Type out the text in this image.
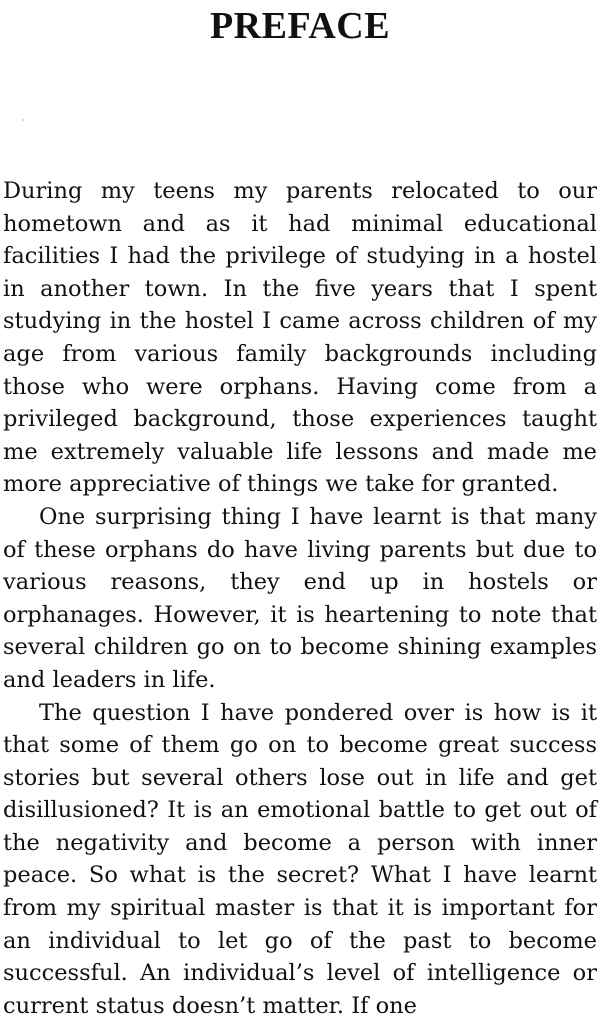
PREFACE

During my teens my parents relocated to our hometown and as it had minimal educational facilities I had the privilege of studying in a hostel in another town. In the five years that I spent studying in the hostel I came across children of my age from various family backgrounds including those who were orphans. Having come from a privileged background, those experiences taught me extremely valuable life lessons and made me more appreciative of things we take for granted.

One surprising thing I have learnt is that many of these orphans do have living parents but due to various reasons, they end up in hostels or orphanages. However, it is heartening to note that several children go on to become shining examples and leaders in life.

The question I have pondered over is how is it that some of them go on to become great success stories but several others lose out in life and get disillusioned? It is an emotional battle to get out of the negativity and become a person with inner peace. So what is the secret? What I have learnt from my spiritual master is that it is important for an individual to let go of the past to become successful. An individual’s level of intelligence or current status doesn’t matter. If one
